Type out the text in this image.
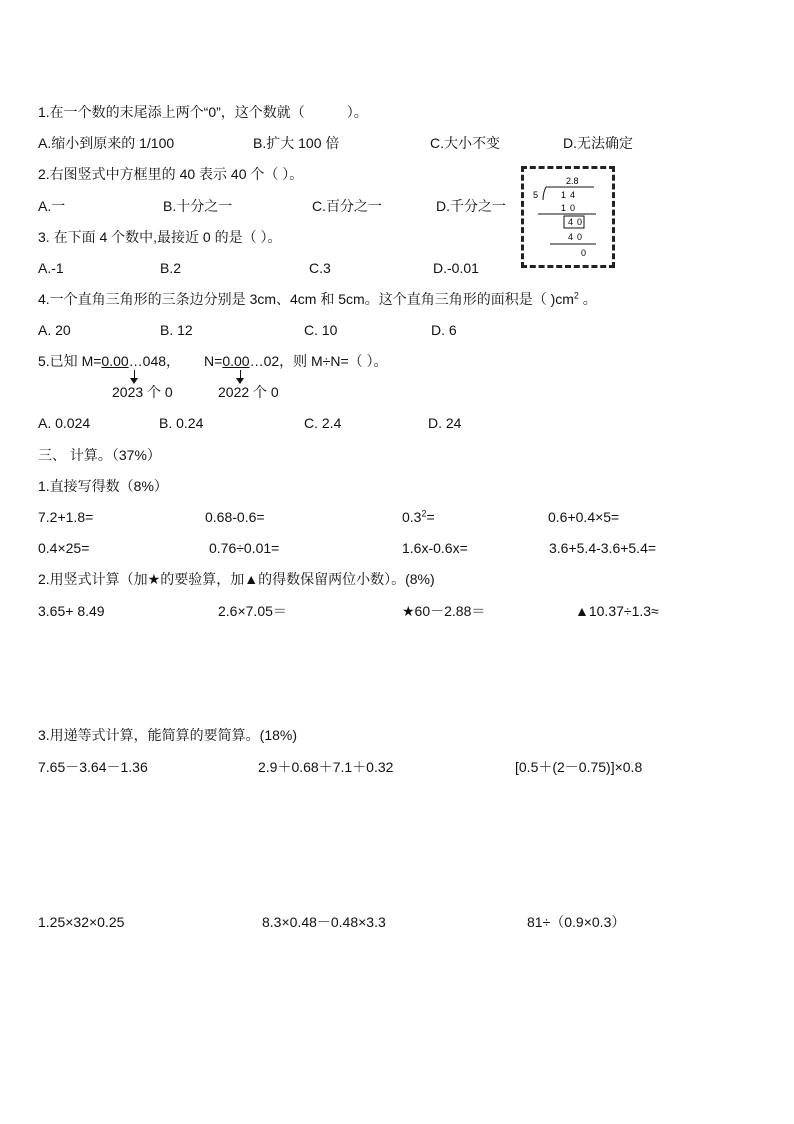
1.在一个数的末尾添上两个“0”，这个数就（　　　）。
A.缩小到原来的 1/100	B.扩大 100 倍	C.大小不变	D.无法确定
2.右图竖式中方框里的 40 表示 40 个（ ）。
A.一	B.十分之一	C.百分之一	D.千分之一
2.8
5	14
10
40
40
0
3. 在下面 4 个数中,最接近 0 的是（ ）。
A.-1	B.2	C.3	D.-0.01
4.一个直角三角形的三条边分别是 3cm、4cm 和 5cm。这个直角三角形的面积是（ )$cm^2$ 。
A. 20	B. 12	C. 10	D. 6
5.已知 M=0.00…048， N=0.00…02，则 M÷N=（ ）。
2023 个 0	2022 个 0
A. 0.024	B. 0.24	C. 2.4	D. 24
三、 计算。（37%）
1.直接写得数（8%）
7.2+1.8=	0.68-0.6=	$0.3^2=$	0.6+0.4×5=
0.4×25=	0.76÷0.01=	1.6x-0.6x=	3.6+5.4-3.6+5.4=
2.用竖式计算（加★的要验算，加▲的得数保留两位小数）。(8%)
3.65+ 8.49	2.6×7.05＝	★60－2.88＝	▲10.37÷1.3≈
3.用递等式计算，能简算的要简算。(18%)
7.65－3.64－1.36	2.9＋0.68＋7.1＋0.32	[0.5＋(2－0.75)]×0.8
1.25×32×0.25	8.3×0.48－0.48×3.3	81÷（0.9×0.3）
